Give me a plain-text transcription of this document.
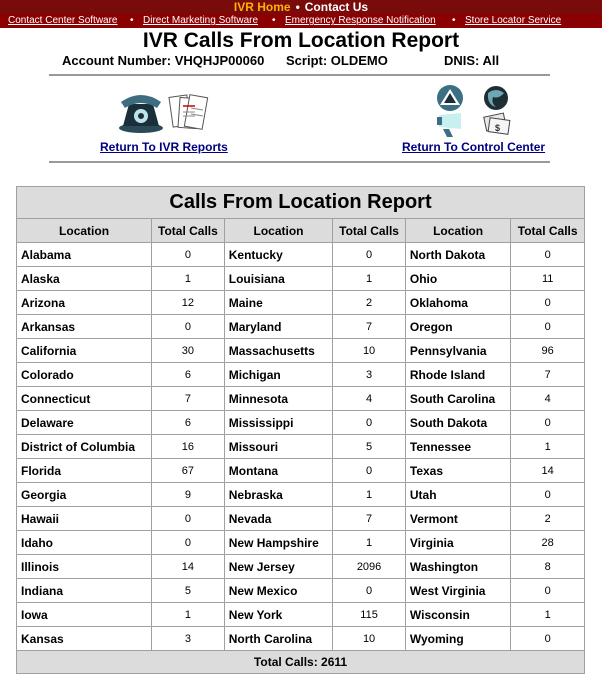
IVR Home • Contact Us
Contact Center Software • Direct Marketing Software • Emergency Response Notification • Store Locator Service
IVR Calls From Location Report
Account Number: VHQHJP00060 Script: OLDEMO	DNIS: All
Return To IVR Reports
$
Return To Control Center
Calls From Location Report					
Location	Total Calls	Location	Total Calls	Location	Total Calls
Alabama	0	Kentucky	0	North Dakota	0
Alaska	1	Louisiana	1	Ohio	11
Arizona	12	Maine	2	Oklahoma	0
Arkansas	0	Maryland	7	Oregon	0
California	30	Massachusetts	10	Pennsylvania	96
Colorado	6	Michigan	3	Rhode Island	7
Connecticut	7	Minnesota	4	South Carolina	4
Delaware	6	Mississippi	0	South Dakota	0
District of Columbia	16	Missouri	5	Tennessee	1
Florida	67	Montana	0	Texas	14
Georgia	9	Nebraska	1	Utah	0
Hawaii	0	Nevada	7	Vermont	2
Idaho	0	New Hampshire	1	Virginia	28
Illinois	14	New Jersey	2096	Washington	8
Indiana	5	New Mexico	0	West Virginia	0
Iowa	1	New York	115	Wisconsin	1
Kansas	3	North Carolina	10	Wyoming	0
Total Calls: 2611					
